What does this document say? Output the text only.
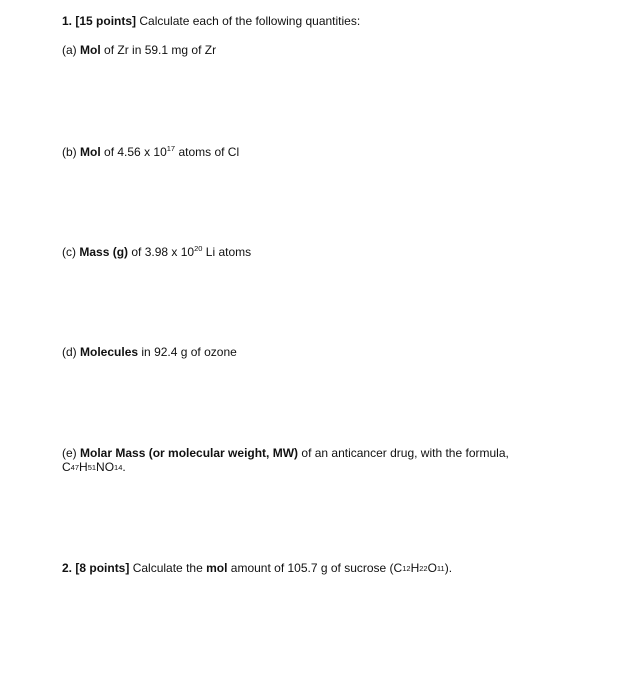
1. [15 points] Calculate each of the following quantities:
(a) Mol of Zr in 59.1 mg of Zr
(b) Mol of 4.56 x $10^{17}$ atoms of Cl
(c) Mass (g) of 3.98 x $10^{20}$ Li atoms
(d) Molecules in 92.4 g of ozone
(e) Molar Mass (or molecular weight, MW) of an anticancer drug, with the formula,
$C_{47}H_{51}NO_{14}$.
2. [8 points] Calculate the mol amount of 105.7 g of sucrose $(C_{12}H_{22}O_{11})$.
